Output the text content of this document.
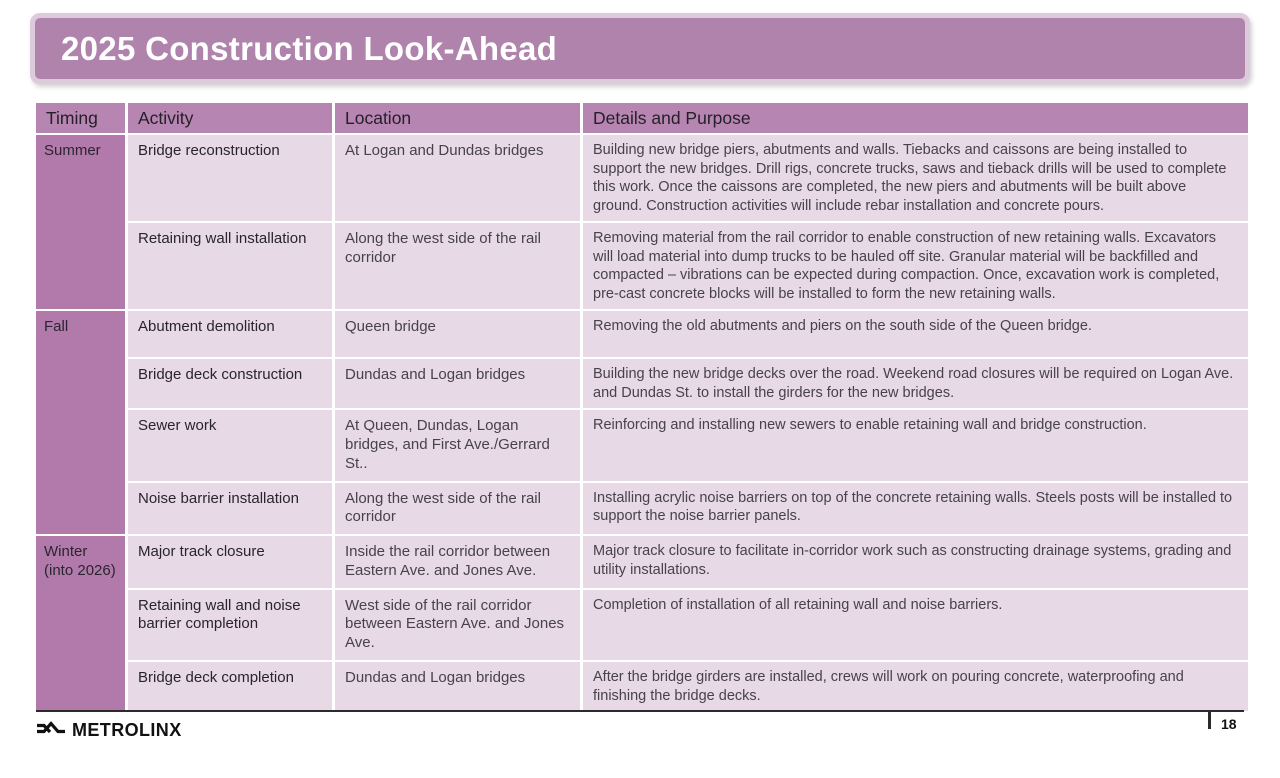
2025 Construction Look-Ahead
Timing	Activity	Location	Details and Purpose
Summer	Bridge reconstruction	At Logan and Dundas bridges	Building new bridge piers, abutments and walls. Tiebacks and caissons are being installed to support the new bridges. Drill rigs, concrete trucks, saws and tieback drills will be used to complete this work. Once the caissons are completed, the new piers and abutments will be built above ground. Construction activities will include rebar installation and concrete pours.
	Retaining wall installation	Along the west side of the rail corridor	Removing material from the rail corridor to enable construction of new retaining walls. Excavators will load material into dump trucks to be hauled off site. Granular material will be backfilled and compacted – vibrations can be expected during compaction. Once, excavation work is completed, pre-cast concrete blocks will be installed to form the new retaining walls.
Fall	Abutment demolition	Queen bridge	Removing the old abutments and piers on the south side of the Queen bridge.
	Bridge deck construction	Dundas and Logan bridges	Building the new bridge decks over the road. Weekend road closures will be required on Logan Ave. and Dundas St. to install the girders for the new bridges.
	Sewer work	At Queen, Dundas, Logan bridges, and First Ave./Gerrard St..	Reinforcing and installing new sewers to enable retaining wall and bridge construction.
	Noise barrier installation	Along the west side of the rail corridor	Installing acrylic noise barriers on top of the concrete retaining walls. Steels posts will be installed to support the noise barrier panels.
Winter (into 2026)	Major track closure	Inside the rail corridor between Eastern Ave. and Jones Ave.	Major track closure to facilitate in-corridor work such as constructing drainage systems, grading and utility installations.
	Retaining wall and noise barrier completion	West side of the rail corridor between Eastern Ave. and Jones Ave.	Completion of installation of all retaining wall and noise barriers.
	Bridge deck completion	Dundas and Logan bridges	After the bridge girders are installed, crews will work on pouring concrete, waterproofing and finishing the bridge decks.
METROLINX	18
